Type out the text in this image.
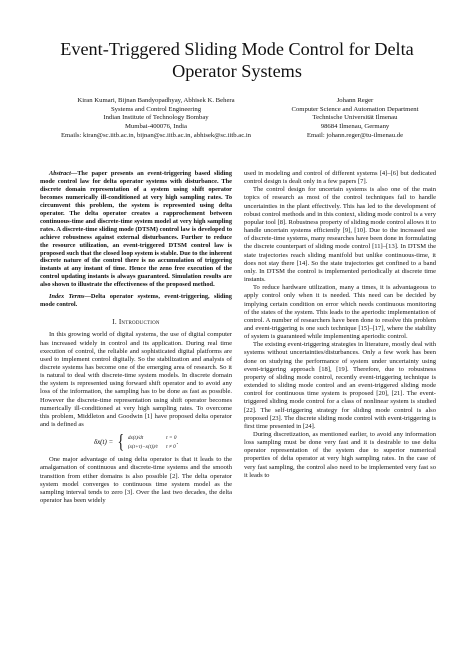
Event-Triggered Sliding Mode Control for Delta
Operator Systems
Kiran Kumari, Bijnan Bandyopadhyay, Abhisek K. Behera
Systems and Control Engineering
Indian Institute of Technology Bombay
Mumbai-400076, India
Emails: kiran@sc.iitb.ac.in, bijnan@sc.iitb.ac.in, abhisek@sc.iitb.ac.in
Johann Reger
Computer Science and Automation Department
Technische Universität Ilmenau
98684 Ilmenau, Germany
Email: johann.reger@tu-ilmenau.de

Abstract—The paper presents an event-triggering based sliding mode control law for delta operator systems with disturbance. The discrete domain representation of a system using shift operator becomes numerically ill-conditioned at very high sampling rates. To circumvent this problem, the system is represented using delta operator. The delta operator creates a rapprochement between continuous-time and discrete-time system model at very high sampling rates. A discrete-time sliding mode (DTSM) control law is developed to achieve robustness against external disturbances. Further to reduce the resource utilization, an event-triggered DTSM control law is proposed such that the closed loop system is stable. Due to the inherent discrete nature of the control there is no accumulation of triggering instants at any instant of time. Hence the zeno free execution of the control updating instants is always guaranteed. Simulation results are also shown to illustrate the effectiveness of the proposed method.

Index Terms—Delta operator systems, event-triggering, sliding mode control.

I. Introduction

In this growing world of digital systems, the use of digital computer has increased widely in control and its application. During real time execution of control, the reliable and sophisticated digital platforms are used to implement control digitally. So the stabilization and analysis of discrete systems has become one of the emerging area of research. So it is natural to deal with discrete-time system models. In discrete domain the system is represented using forward shift operator and to avoid any loss of the information, the sampling has to be done as fast as possible. However the discrete-time representation using shift operator becomes numerically ill-conditioned at very high sampling rates. To overcome this problem, Middleton and Goodwin [1] have proposed delta operator and is defined as

δx(t) = { dx(t)/dt	τ = 0
(x(t+τ)−x(t))/τ	τ ≠ 0
.

One major advantage of using delta operator is that it leads to the amalgamation of continuous and discrete-time systems and the smooth transition from either domains is also possible [2]. The delta operator system model converges to continuous time system model as the sampling interval tends to zero [3]. Over the last two decades, the delta operator has been widely

used in modeling and control of different systems [4]–[6] but dedicated control design is dealt only in a few papers [7].

The control design for uncertain systems is also one of the main topics of research as most of the control techniques fail to handle uncertainties in the plant effectively. This has led to the development of robust control methods and in this context, sliding mode control is a very popular tool [8]. Robustness property of sliding mode control allows it to handle uncertain systems efficiently [9], [10]. Due to the increased use of discrete-time systems, many researches have been done in formulating the discrete counterpart of sliding mode control [11]–[13]. In DTSM the state trajectories reach sliding manifold but unlike continuous-time, it does not stay there [14]. So the state trajectories get confined to a band only. In DTSM the control is implemented periodically at discrete time instants.

To reduce hardware utilization, many a times, it is advantageous to apply control only when it is needed. This need can be decided by implying certain condition on error which needs continuous monitoring of the states of the system. This leads to the aperiodic implementation of control. A number of researchers have been done to resolve this problem and event-triggering is one such technique [15]–[17], where the stability of system is guaranteed while implementing aperiodic control.

The existing event-triggering strategies in literature, mostly deal with systems without uncertainties/disturbances. Only a few work has been done on studying the performance of system under uncertainty using event-triggering approach [18], [19]. Therefore, due to robustness property of sliding mode control, recently event-triggering technique is extended to sliding mode control and an event-triggered sliding mode control for continuous time system is proposed [20], [21]. The event-triggered sliding mode control for a class of nonlinear system is studied [22]. The self-triggering strategy for sliding mode control is also proposed [23]. The discrete sliding mode control with event-triggering is first time presented in [24].

During discretization, as mentioned earlier, to avoid any information loss sampling must be done very fast and it is desirable to use delta operator representation of the system due to superior numerical properties of delta operator at very high sampling rates. In the case of very fast sampling, the control also need to be implemented very fast so it leads to
